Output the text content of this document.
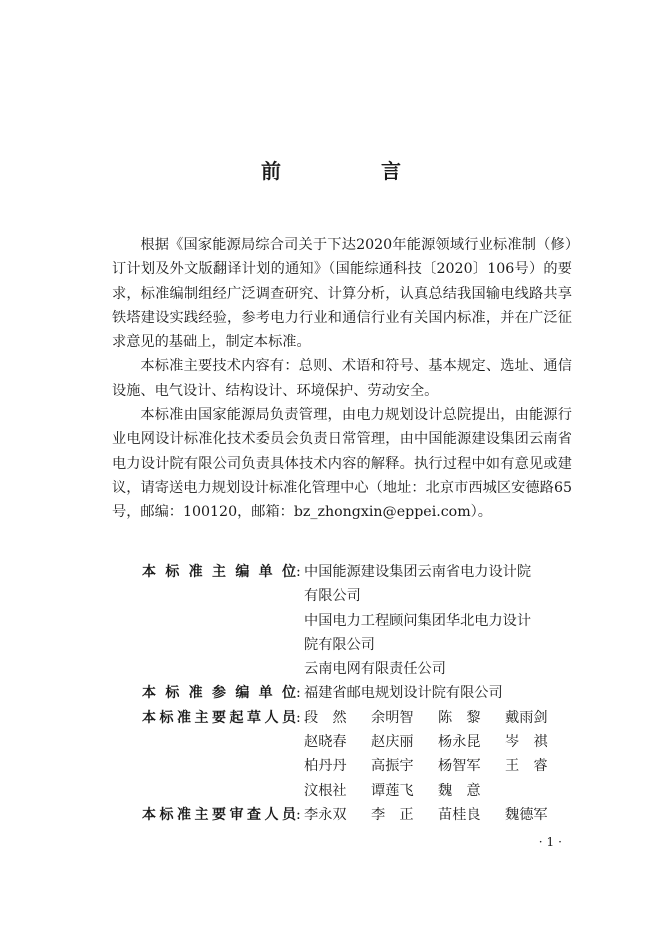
前　言

根据《国家能源局综合司关于下达2020年能源领域行业标准制（修）订计划及外文版翻译计划的通知》（国能综通科技〔2020〕106号）的要求，标准编制组经广泛调查研究、计算分析，认真总结我国输电线路共享铁塔建设实践经验，参考电力行业和通信行业有关国内标准，并在广泛征求意见的基础上，制定本标准。

本标准主要技术内容有：总则、术语和符号、基本规定、选址、通信设施、电气设计、结构设计、环境保护、劳动安全。

本标准由国家能源局负责管理，由电力规划设计总院提出，由能源行业电网设计标准化技术委员会负责日常管理，由中国能源建设集团云南省电力设计院有限公司负责具体技术内容的解释。执行过程中如有意见或建议，请寄送电力规划设计标准化管理中心（地址：北京市西城区安德路65号，邮编：100120，邮箱：bz_zhongxin@eppei.com）。

本标准主编单位 : 中国能源建设集团云南省电力设计院
有限公司
中国电力工程顾问集团华北电力设计
院有限公司
云南电网有限责任公司
本标准参编单位 : 福建省邮电规划设计院有限公司
本标准主要起草人员 : 段　然	余明智	陈　黎	戴雨剑
赵晓春	赵庆丽	杨永昆	岑　祺
柏丹丹	高振宇	杨智军	王　睿
汶根社	谭莲飞	魏　意
本标准主要审查人员 : 李永双	李　正	苗桂良	魏德军
·1·
